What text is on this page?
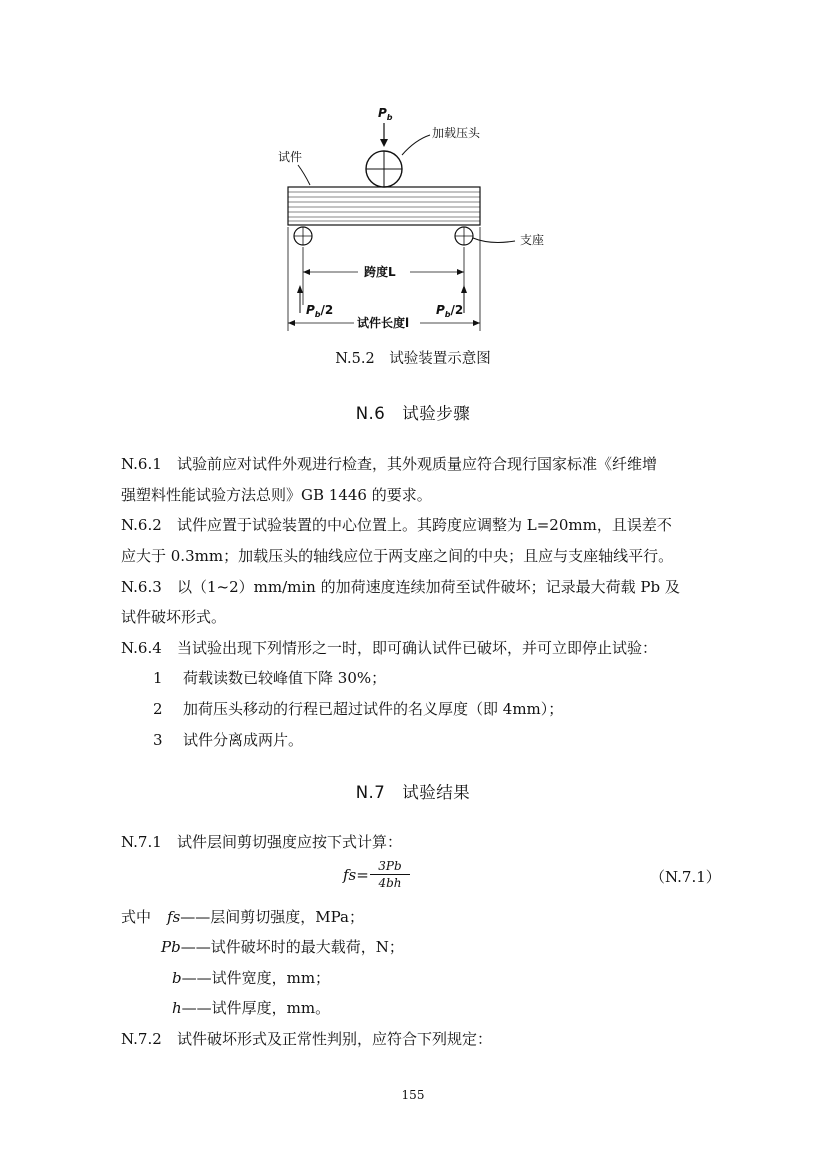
$P_b$
加载压头
试件
支座
跨度L
$P_b/2$	$P_b/2$
试件长度l
N.5.2　试验装置示意图
N.6　试验步骤
N.6.1 试验前应对试件外观进行检查，其外观质量应符合现行国家标准《纤维增
强塑料性能试验方法总则》GB 1446 的要求。
N.6.2 试件应置于试验装置的中心位置上。其跨度应调整为 L=20mm，且误差不
应大于 0.3mm；加载压头的轴线应位于两支座之间的中央；且应与支座轴线平行。
N.6.3 以（1~2）mm/min 的加荷速度连续加荷至试件破坏；记录最大荷载 Pb 及
试件破坏形式。
N.6.4 当试验出现下列情形之一时，即可确认试件已破坏，并可立即停止试验：
1 荷载读数已较峰值下降 30%；
2 加荷压头移动的行程已超过试件的名义厚度（即 4mm）；
3 试件分离成两片。
N.7　试验结果
N.7.1 试件层间剪切强度应按下式计算：
$fs= \frac{3Pb}{4bh}$	（N.7.1）
式中 fs——层间剪切强度，MPa；
Pb——试件破坏时的最大载荷，N；
b——试件宽度，mm；
h——试件厚度，mm。
N.7.2 试件破坏形式及正常性判别，应符合下列规定：
155
